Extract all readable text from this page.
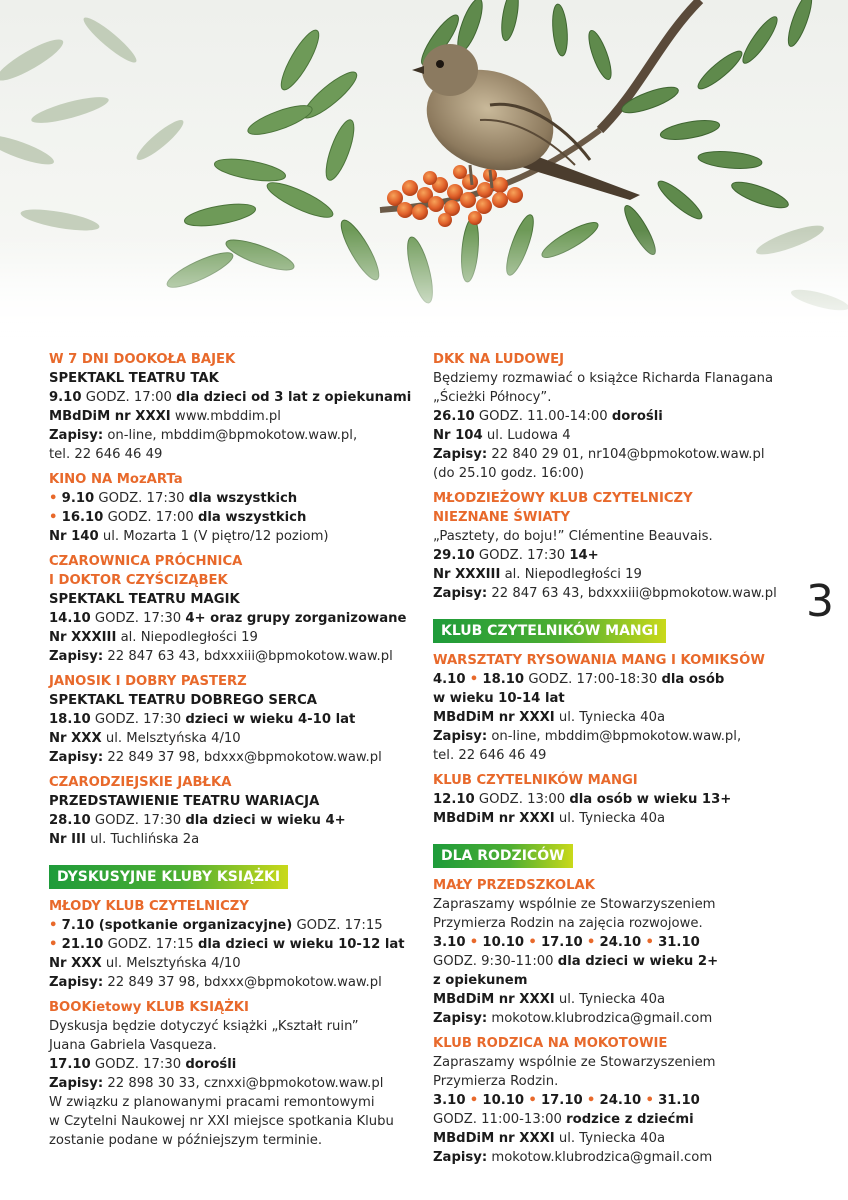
3
W 7 DNI DOOKOŁA BAJEK
SPEKTAKL TEATRU TAK
9.10 GODZ. 17:00 dla dzieci od 3 lat z opiekunami
MBdDiM nr XXXI www.mbddim.pl
Zapisy: on-line, mbddim@bpmokotow.waw.pl,
tel. 22 646 46 49
KINO NA MozARTa
• 9.10 GODZ. 17:30 dla wszystkich
• 16.10 GODZ. 17:00 dla wszystkich
Nr 140 ul. Mozarta 1 (V piętro/12 poziom)
CZAROWNICA PRÓCHNICA
I DOKTOR CZYŚCIZĄBEK
SPEKTAKL TEATRU MAGIK
14.10 GODZ. 17:30 4+ oraz grupy zorganizowane
Nr XXXIII al. Niepodległości 19
Zapisy: 22 847 63 43, bdxxxiii@bpmokotow.waw.pl
JANOSIK I DOBRY PASTERZ
SPEKTAKL TEATRU DOBREGO SERCA
18.10 GODZ. 17:30 dzieci w wieku 4-10 lat
Nr XXX ul. Melsztyńska 4/10
Zapisy: 22 849 37 98, bdxxx@bpmokotow.waw.pl
CZARODZIEJSKIE JABŁKA
PRZEDSTAWIENIE TEATRU WARIACJA
28.10 GODZ. 17:30 dla dzieci w wieku 4+
Nr III ul. Tuchlińska 2a
DYSKUSYJNE KLUBY KSIĄŻKI
MŁODY KLUB CZYTELNICZY
• 7.10 (spotkanie organizacyjne) GODZ. 17:15
• 21.10 GODZ. 17:15 dla dzieci w wieku 10-12 lat
Nr XXX ul. Melsztyńska 4/10
Zapisy: 22 849 37 98, bdxxx@bpmokotow.waw.pl
BOOKietowy KLUB KSIĄŻKI
Dyskusja będzie dotyczyć książki „Kształt ruin”
Juana Gabriela Vasqueza.
17.10 GODZ. 17:30 dorośli
Zapisy: 22 898 30 33, cznxxi@bpmokotow.waw.pl
W związku z planowanymi pracami remontowymi
w Czytelni Naukowej nr XXI miejsce spotkania Klubu
zostanie podane w późniejszym terminie.
DKK NA LUDOWEJ
Będziemy rozmawiać o książce Richarda Flanagana
„Ścieżki Północy”.
26.10 GODZ. 11.00-14:00 dorośli
Nr 104 ul. Ludowa 4
Zapisy: 22 840 29 01, nr104@bpmokotow.waw.pl
(do 25.10 godz. 16:00)
MŁODZIEŻOWY KLUB CZYTELNICZY
NIEZNANE ŚWIATY
„Pasztety, do boju!” Clémentine Beauvais.
29.10 GODZ. 17:30 14+
Nr XXXIII al. Niepodległości 19
Zapisy: 22 847 63 43, bdxxxiii@bpmokotow.waw.pl
KLUB CZYTELNIKÓW MANGI
WARSZTATY RYSOWANIA MANG I KOMIKSÓW
4.10 • 18.10 GODZ. 17:00-18:30 dla osób
w wieku 10-14 lat
MBdDiM nr XXXI ul. Tyniecka 40a
Zapisy: on-line, mbddim@bpmokotow.waw.pl,
tel. 22 646 46 49
KLUB CZYTELNIKÓW MANGI
12.10 GODZ. 13:00 dla osób w wieku 13+
MBdDiM nr XXXI ul. Tyniecka 40a
DLA RODZICÓW
MAŁY PRZEDSZKOLAK
Zapraszamy wspólnie ze Stowarzyszeniem
Przymierza Rodzin na zajęcia rozwojowe.
3.10 • 10.10 • 17.10 • 24.10 • 31.10
GODZ. 9:30-11:00 dla dzieci w wieku 2+
z opiekunem
MBdDiM nr XXXI ul. Tyniecka 40a
Zapisy: mokotow.klubrodzica@gmail.com
KLUB RODZICA NA MOKOTOWIE
Zapraszamy wspólnie ze Stowarzyszeniem
Przymierza Rodzin.
3.10 • 10.10 • 17.10 • 24.10 • 31.10
GODZ. 11:00-13:00 rodzice z dziećmi
MBdDiM nr XXXI ul. Tyniecka 40a
Zapisy: mokotow.klubrodzica@gmail.com
